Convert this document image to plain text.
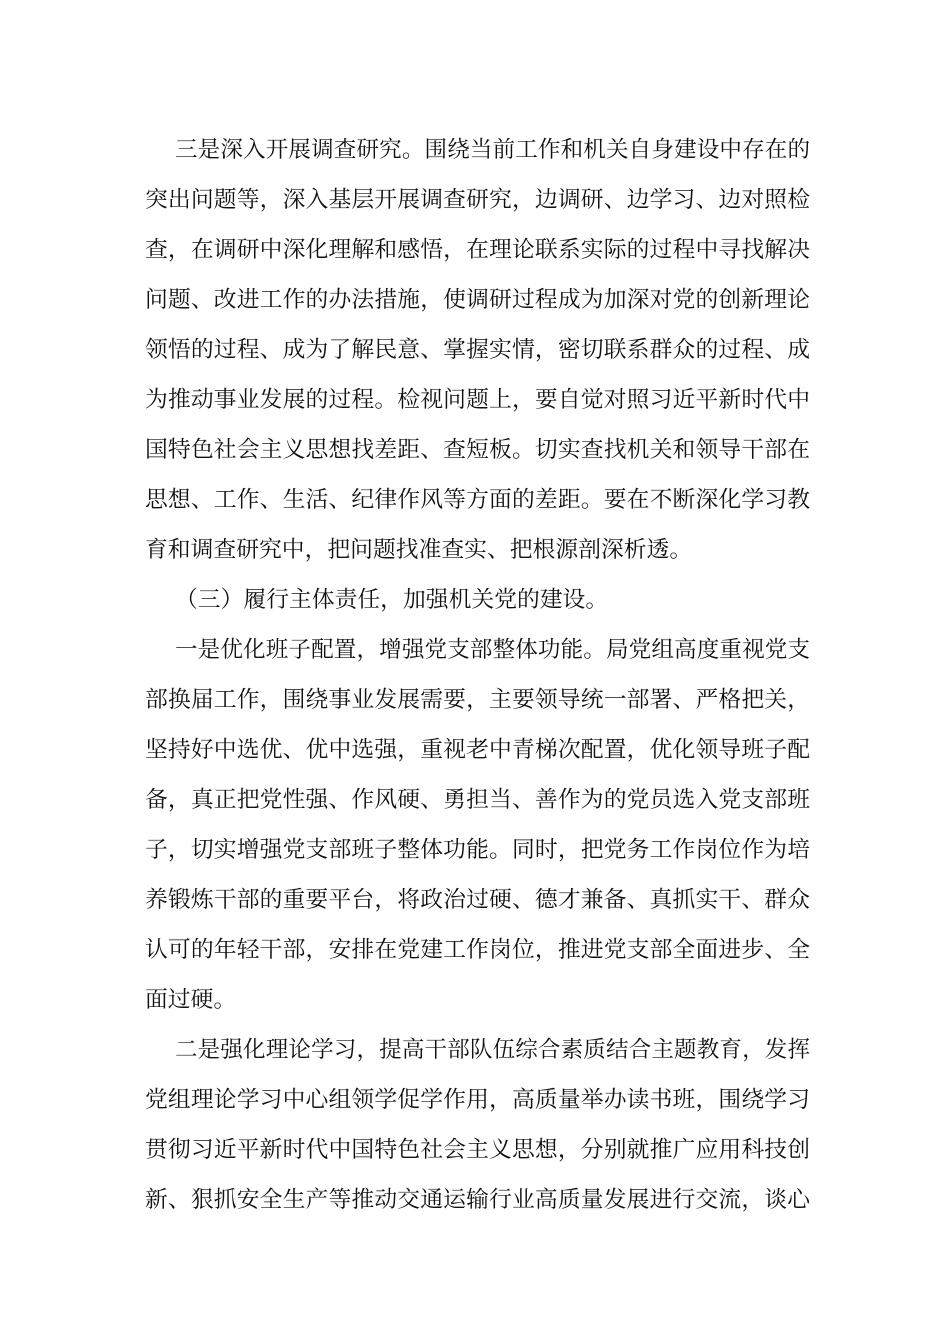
三是深入开展调查研究。围绕当前工作和机关自身建设中存在的
突出问题等，深入基层开展调查研究，边调研、边学习、边对照检
查，在调研中深化理解和感悟，在理论联系实际的过程中寻找解决
问题、改进工作的办法措施，使调研过程成为加深对党的创新理论
领悟的过程、成为了解民意、掌握实情，密切联系群众的过程、成
为推动事业发展的过程。检视问题上，要自觉对照习近平新时代中
国特色社会主义思想找差距、查短板。切实查找机关和领导干部在
思想、工作、生活、纪律作风等方面的差距。要在不断深化学习教
育和调查研究中，把问题找准查实、把根源剖深析透。
（三）履行主体责任，加强机关党的建设。
一是优化班子配置，增强党支部整体功能。局党组高度重视党支
部换届工作，围绕事业发展需要，主要领导统一部署、严格把关，
坚持好中选优、优中选强，重视老中青梯次配置，优化领导班子配
备，真正把党性强、作风硬、勇担当、善作为的党员选入党支部班
子，切实增强党支部班子整体功能。同时，把党务工作岗位作为培
养锻炼干部的重要平台，将政治过硬、德才兼备、真抓实干、群众
认可的年轻干部，安排在党建工作岗位，推进党支部全面进步、全
面过硬。
二是强化理论学习，提高干部队伍综合素质结合主题教育，发挥
党组理论学习中心组领学促学作用，高质量举办读书班，围绕学习
贯彻习近平新时代中国特色社会主义思想，分别就推广应用科技创
新、狠抓安全生产等推动交通运输行业高质量发展进行交流，谈心
